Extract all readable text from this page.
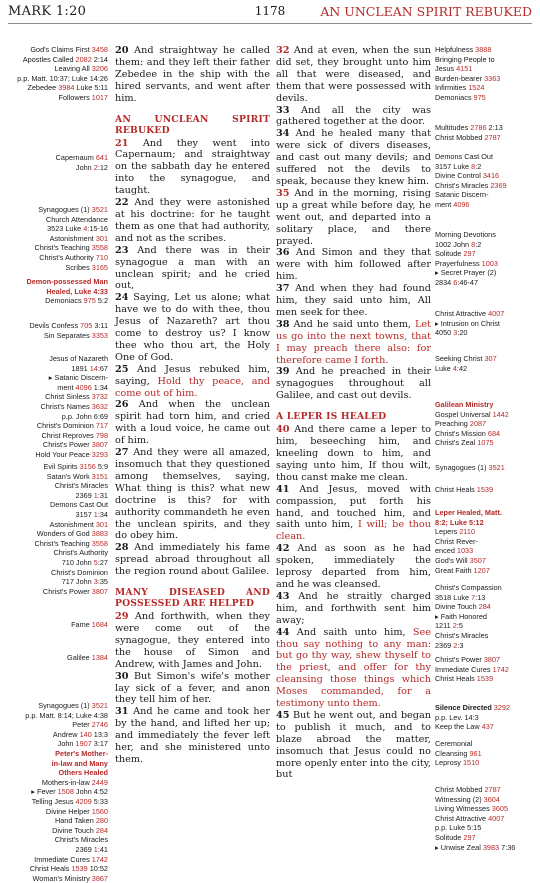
MARK 1:20	1178	AN UNCLEAN SPIRIT REBUKED
God's Claims First 3458
Apostles Called 2082 2:14
Leaving All 3206
p.p. Matt. 10:37; Luke 14:26
Zebedee 3984 Luke 5:11
Followers 1017
Capernaum 641
John 2:12
Synagogues (1) 3521
Church Attendance
3523 Luke 4:15-16
Astonishment 301
Christ's Teaching 3558
Christ's Authority 710
Scribes 3165
Demon-possessed Man
Healed, Luke 4:33
Demoniacs 975 5:2
Devils Confess 705 3:11
Sin Separates 3353
Jesus of Nazareth
1891 14:67
▸ Satanic Discern-
ment 4096 1:34
Christ Sinless 3732
Christ's Names 3632
p.p. John 6:69
Christ's Dominion 717
Christ Reproves 798
Christ's Power 3807
Hold Your Peace 3293
Evil Spirits 3156 5:9
Satan's Work 3151
Christ's Miracles
2369 1:31
Demons Cast Out
3157 1:34
Astonishment 301
Wonders of God 3883
Christ's Teaching 3558
Christ's Authority
710 John 5:27
Christ's Dominion
717 John 3:35
Christ's Power 3807
Fame 1684
Galilee 1384
Synagogues (1) 3521
p.p. Matt. 8:14; Luke 4:38
Peter 2746
Andrew 140 13:3
John 1907 3:17
Peter's Mother-
in-law and Many
Others Healed
Mothers-in-law 2449
▸ Fever 1508 John 4:52
Telling Jesus 4209 5:33
Divine Helper 1560
Hand Taken 280
Divine Touch 284
Christ's Miracles
2369 1:41
Immediate Cures 1742
Christ Heals 1539 10:52
Woman's Ministry 3867
20 And straightway he called them: and they left their father Zebedee in the ship with the hired servants, and went after him.
AN UNCLEAN SPIRIT REBUKED
21 And they went into Capernaum; and straightway on the sabbath day he entered into the synagogue, and taught.
22 And they were astonished at his doctrine: for he taught them as one that had authority, and not as the scribes.
23 And there was in their synagogue a man with an unclean spirit; and he cried out,
24 Saying, Let us alone; what have we to do with thee, thou Jesus of Nazareth? art thou come to destroy us? I know thee who thou art, the Holy One of God.
25 And Jesus rebuked him, saying, Hold thy peace, and come out of him.
26 And when the unclean spirit had torn him, and cried with a loud voice, he came out of him.
27 And they were all amazed, insomuch that they questioned among themselves, saying, What thing is this? what new doctrine is this? for with authority commandeth he even the unclean spirits, and they do obey him.
28 And immediately his fame spread abroad throughout all the region round about Galilee.
MANY DISEASED AND POSSESSED ARE HELPED
29 And forthwith, when they were come out of the synagogue, they entered into the house of Simon and Andrew, with James and John.
30 But Simon's wife's mother lay sick of a fever, and anon they tell him of her.
31 And he came and took her by the hand, and lifted her up; and immediately the fever left her, and she ministered unto them.
32 And at even, when the sun did set, they brought unto him all that were diseased, and them that were possessed with devils.
33 And all the city was gathered together at the door.
34 And he healed many that were sick of divers diseases, and cast out many devils; and suffered not the devils to speak, because they knew him.
35 And in the morning, rising up a great while before day, he went out, and departed into a solitary place, and there prayed.
36 And Simon and they that were with him followed after him.
37 And when they had found him, they said unto him, All men seek for thee.
38 And he said unto them, Let us go into the next towns, that I may preach there also: for therefore came I forth.
39 And he preached in their synagogues throughout all Galilee, and cast out devils.
A LEPER IS HEALED
40 And there came a leper to him, beseeching him, and kneeling down to him, and saying unto him, If thou wilt, thou canst make me clean.
41 And Jesus, moved with compassion, put forth his hand, and touched him, and saith unto him, I will; be thou clean.
42 And as soon as he had spoken, immediately the leprosy departed from him, and he was cleansed.
43 And he straitly charged him, and forthwith sent him away;
44 And saith unto him, See thou say nothing to any man: but go thy way, shew thyself to the priest, and offer for thy cleansing those things which Moses commanded, for a testimony unto them.
45 But he went out, and began to publish it much, and to blaze abroad the matter, insomuch that Jesus could no more openly enter into the city, but
Helpfulness 3888
Bringing People to
Jesus 4151
Burden-bearer 3363
Infirmities 1524
Demoniacs 975
Multitudes 2786 2:13
Christ Mobbed 2787
Demons Cast Out
3157 Luke 8:2
Divine Control 3416
Christ's Miracles 2369
Satanic Discern-
ment 4096
Morning Devotions
1002 John 8:2
Solitude 297
Prayerfulness 1003
▸ Secret Prayer (2)
2834 6:46-47
Christ Attractive 4007
▸ Intrusion on Christ
4050 3:20
Seeking Christ 307
Luke 4:42
Galilean Ministry
Gospel Universal 1442
Preaching 2087
Christ's Mission 684
Christ's Zeal 1075
Synagogues (1) 3521
Christ Heals 1539
Leper Healed, Matt.
8:2; Luke 5:12
Lepers 2110
Christ Rever-
enced 1033
God's Will 3507
Great Faith 1207
Christ's Compassion
3518 Luke 7:13
Divine Touch 284
▸ Faith Honored
1211 2:5
Christ's Miracles
2369 2:3
Christ's Power 3807
Immediate Cures 1742
Christ Heals 1539
Silence Directed 3292
p.p. Lev. 14:3
Keep the Law 437
Ceremonial
Cleansing 961
Leprosy 1510
Christ Mobbed 2787
Witnessing (2) 3604
Living Witnesses 3605
Christ Attractive 4007
p.p. Luke 5:15
Solitude 297
▸ Unwise Zeal 3983 7:36
